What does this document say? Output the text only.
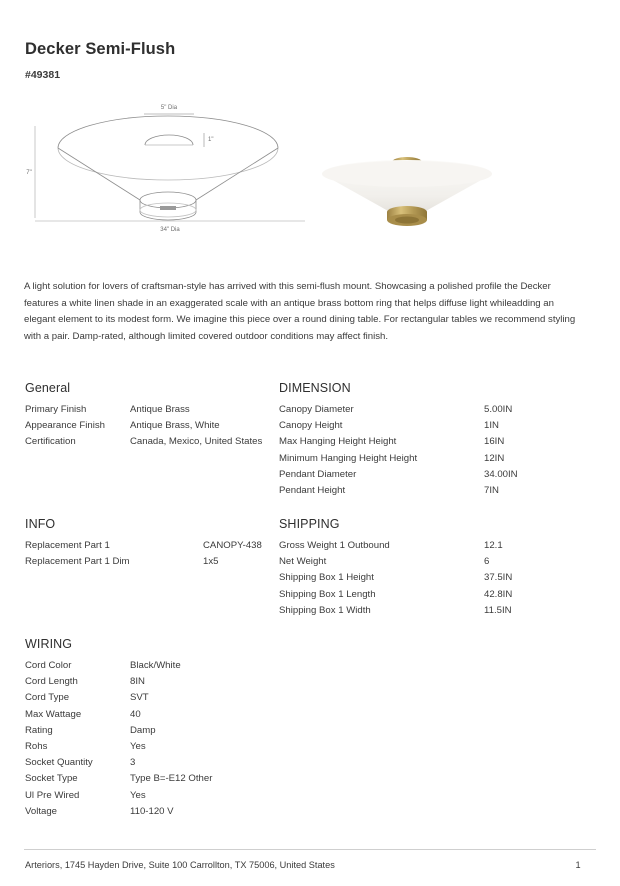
Decker Semi-Flush
#49381
5" Dia
1"
7"
34" Dia
A light solution for lovers of craftsman-style has arrived with this semi-flush mount. Showcasing a polished profile the Decker features a white linen shade in an exaggerated scale with an antique brass bottom ring that helps diffuse light whileadding an elegant element to its modest form. We imagine this piece over a round dining table. For rectangular tables we recommend styling with a pair. Damp-rated, although limited covered outdoor conditions may affect finish.
General
Primary Finish	Antique Brass
Appearance Finish	Antique Brass, White
Certification	Canada, Mexico, United States
DIMENSION
Canopy Diameter	5.00IN
Canopy Height	1IN
Max Hanging Height Height	16IN
Minimum Hanging Height Height	12IN
Pendant Diameter	34.00IN
Pendant Height	7IN
INFO
Replacement Part 1	CANOPY-438
Replacement Part 1 Dim	1x5
SHIPPING
Gross Weight 1 Outbound	12.1
Net Weight	6
Shipping Box 1 Height	37.5IN
Shipping Box 1 Length	42.8IN
Shipping Box 1 Width	11.5IN
WIRING
Cord Color	Black/White
Cord Length	8IN
Cord Type	SVT
Max Wattage	40
Rating	Damp
Rohs	Yes
Socket Quantity	3
Socket Type	Type B=-E12 Other
Ul Pre Wired	Yes
Voltage	110-120 V
Arteriors, 1745 Hayden Drive, Suite 100 Carrollton, TX 75006, United States	1
